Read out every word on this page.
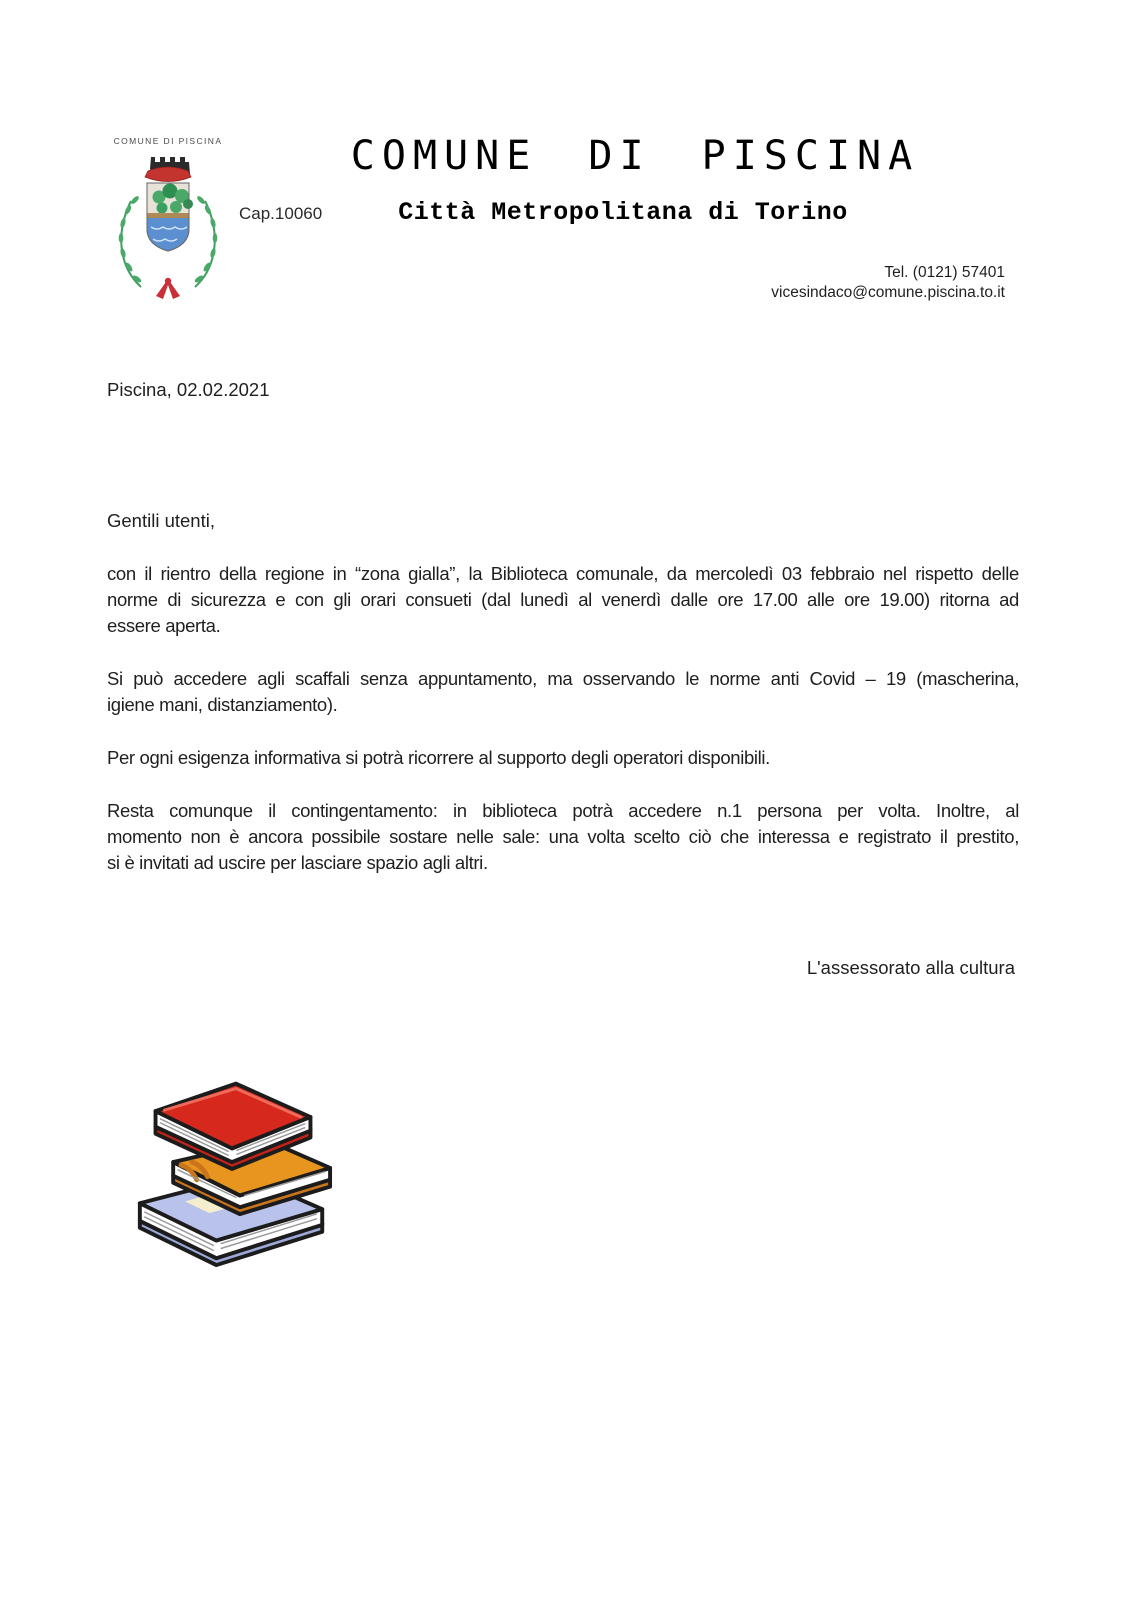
COMUNE DI PISCINA
Cap.10060
COMUNE DI PISCINA
Città Metropolitana di Torino
Tel. (0121) 57401
vicesindaco@comune.piscina.to.it
Piscina, 02.02.2021
Gentili utenti,
con il rientro della regione in “zona gialla”, la Biblioteca comunale, da mercoledì 03 febbraio nel rispetto delle
norme di sicurezza e con gli orari consueti (dal lunedì al venerdì dalle ore 17.00 alle ore 19.00) ritorna ad
essere aperta.
Si può accedere agli scaffali senza appuntamento, ma osservando le norme anti Covid – 19 (mascherina,
igiene mani, distanziamento).
Per ogni esigenza informativa si potrà ricorrere al supporto degli operatori disponibili.
Resta comunque il contingentamento: in biblioteca potrà accedere n.1 persona per volta. Inoltre, al
momento non è ancora possibile sostare nelle sale: una volta scelto ciò che interessa e registrato il prestito,
si è invitati ad uscire per lasciare spazio agli altri.
L'assessorato alla cultura
